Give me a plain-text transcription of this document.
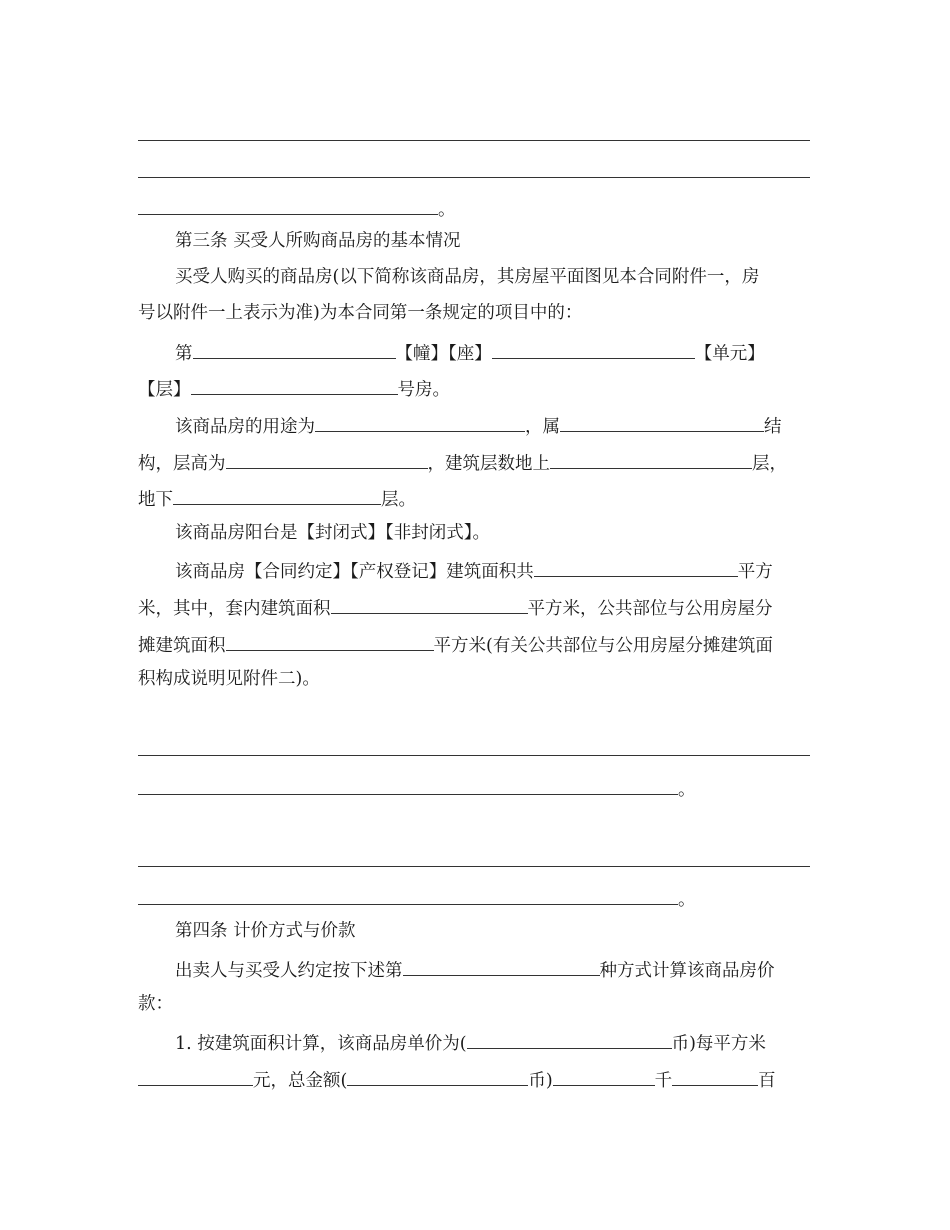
。
第三条 买受人所购商品房的基本情况
买受人购买的商品房(以下简称该商品房，其房屋平面图见本合同附件一，房
号以附件一上表示为准)为本合同第一条规定的项目中的：
第	【幢】【座】	【单元】
【层】	号房。
该商品房的用途为	，属	结
构，层高为	，建筑层数地上	层，
地下	层。
该商品房阳台是【封闭式】【非封闭式】。
该商品房【合同约定】【产权登记】建筑面积共	平方
米，其中，套内建筑面积	平方米，公共部位与公用房屋分
摊建筑面积	平方米(有关公共部位与公用房屋分摊建筑面
积构成说明见附件二)。
。
。
第四条 计价方式与价款
出卖人与买受人约定按下述第	种方式计算该商品房价
款：
1. 按建筑面积计算，该商品房单价为(	币)每平方米
元，总金额(	币)	千	百
